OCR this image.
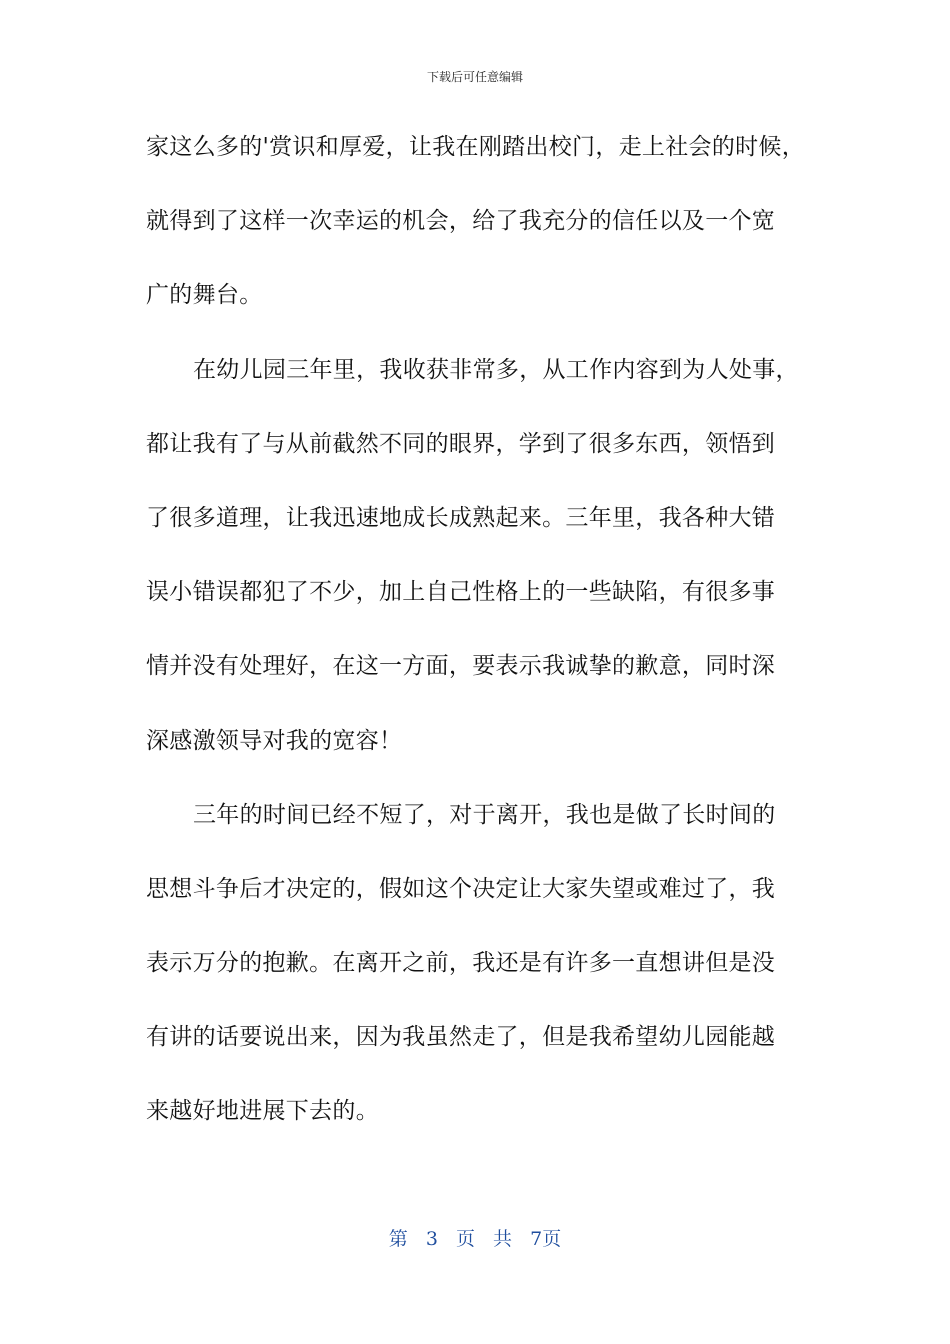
下载后可任意编辑
家这么多的'赏识和厚爱，让我在刚踏出校门，走上社会的时候，
就得到了这样一次幸运的机会，给了我充分的信任以及一个宽
广的舞台。
在幼儿园三年里，我收获非常多，从工作内容到为人处事，
都让我有了与从前截然不同的眼界，学到了很多东西，领悟到
了很多道理，让我迅速地成长成熟起来。三年里，我各种大错
误小错误都犯了不少，加上自己性格上的一些缺陷，有很多事
情并没有处理好，在这一方面，要表示我诚挚的歉意，同时深
深感激领导对我的宽容！
三年的时间已经不短了，对于离开，我也是做了长时间的
思想斗争后才决定的，假如这个决定让大家失望或难过了，我
表示万分的抱歉。在离开之前，我还是有许多一直想讲但是没
有讲的话要说出来，因为我虽然走了，但是我希望幼儿园能越
来越好地进展下去的。
第 3 页 共 7页
